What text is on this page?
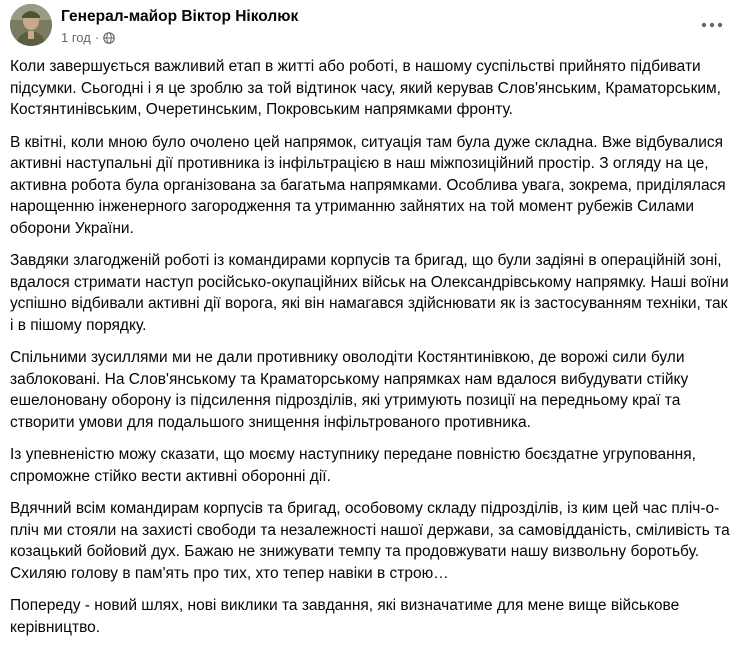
Генерал-майор Віктор Ніколюк
1 год ·

Коли завершується важливий етап в житті або роботі, в нашому суспільстві прийнято підбивати підсумки. Сьогодні і я це зроблю за той відтинок часу, який керував Слов'янським, Краматорським, Костянтинівським, Очеретинським, Покровським напрямками фронту.

В квітні, коли мною було очолено цей напрямок, ситуація там була дуже складна. Вже відбувалися активні наступальні дії противника із інфільтрацією в наш міжпозиційний простір. З огляду на це, активна робота була організована за багатьма напрямками. Особлива увага, зокрема, приділялася нарощенню інженерного загородження та утриманню зайнятих на той момент рубежів Силами оборони України.

Завдяки злагодженій роботі із командирами корпусів та бригад, що були задіяні в операційній зоні, вдалося стримати наступ російсько-окупаційних військ на Олександрівському напрямку. Наші воїни успішно відбивали активні дії ворога, які він намагався здійснювати як із застосуванням техніки, так і в пішому порядку.

Спільними зусиллями ми не дали противнику оволодіти Костянтинівкою, де ворожі сили були заблоковані. На Слов'янському та Краматорському напрямках нам вдалося вибудувати стійку ешелоновану оборону із підсилення підрозділів, які утримують позиції на передньому краї та створити умови для подальшого знищення інфільтрованого противника.

Із упевненістю можу сказати, що моєму наступнику передане повністю боєздатне угруповання, спроможне стійко вести активні оборонні дії.

Вдячний всім командирам корпусів та бригад, особовому складу підрозділів, із ким цей час пліч-о-пліч ми стояли на захисті свободи та незалежності нашої держави, за самовідданість, сміливість та козацький бойовий дух. Бажаю не знижувати темпу та продовжувати нашу визвольну боротьбу. Схиляю голову в пам'ять про тих, хто тепер навіки в строю…

Попереду - новий шлях, нові виклики та завдання, які визначатиме для мене вище військове керівництво.
